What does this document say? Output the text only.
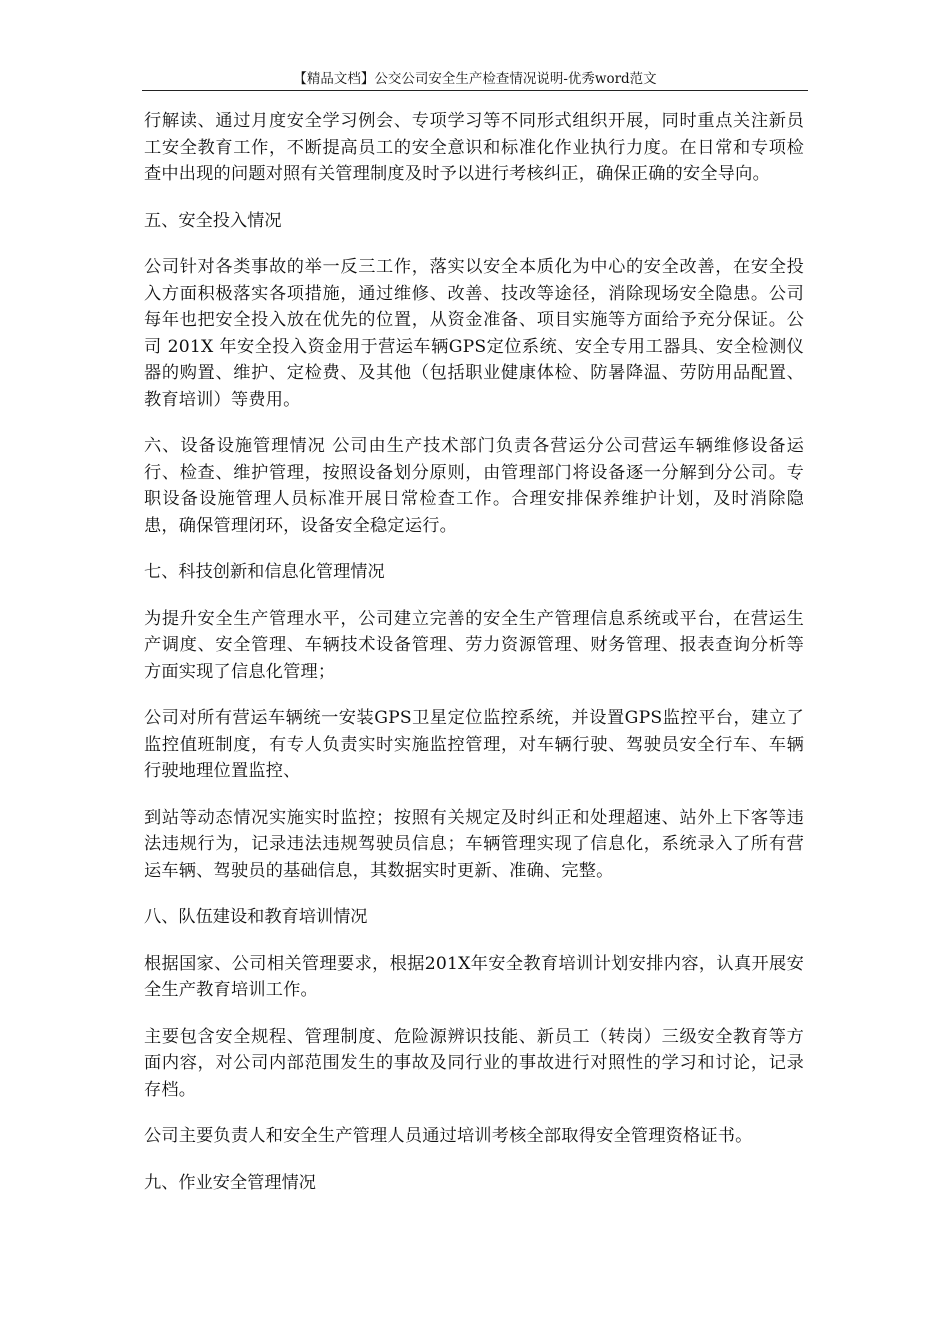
【精品文档】公交公司安全生产检查情况说明-优秀word范文

行解读、通过月度安全学习例会、专项学习等不同形式组织开展，同时重点关注新员工安全教育工作，不断提高员工的安全意识和标准化作业执行力度。在日常和专项检查中出现的问题对照有关管理制度及时予以进行考核纠正，确保正确的安全导向。

五、安全投入情况

公司针对各类事故的举一反三工作，落实以安全本质化为中心的安全改善，在安全投入方面积极落实各项措施，通过维修、改善、技改等途径，消除现场安全隐患。公司每年也把安全投入放在优先的位置，从资金准备、项目实施等方面给予充分保证。公司 201X 年安全投入资金用于营运车辆GPS定位系统、安全专用工器具、安全检测仪器的购置、维护、定检费、及其他（包括职业健康体检、防暑降温、劳防用品配置、教育培训）等费用。

六、设备设施管理情况 公司由生产技术部门负责各营运分公司营运车辆维修设备运行、检查、维护管理，按照设备划分原则，由管理部门将设备逐一分解到分公司。专职设备设施管理人员标准开展日常检查工作。合理安排保养维护计划，及时消除隐患，确保管理闭环，设备安全稳定运行。

七、科技创新和信息化管理情况

为提升安全生产管理水平，公司建立完善的安全生产管理信息系统或平台，在营运生产调度、安全管理、车辆技术设备管理、劳力资源管理、财务管理、报表查询分析等方面实现了信息化管理；

公司对所有营运车辆统一安装GPS卫星定位监控系统，并设置GPS监控平台，建立了监控值班制度，有专人负责实时实施监控管理，对车辆行驶、驾驶员安全行车、车辆行驶地理位置监控、

到站等动态情况实施实时监控；按照有关规定及时纠正和处理超速、站外上下客等违法违规行为，记录违法违规驾驶员信息；车辆管理实现了信息化，系统录入了所有营运车辆、驾驶员的基础信息，其数据实时更新、准确、完整。

八、队伍建设和教育培训情况

根据国家、公司相关管理要求，根据201X年安全教育培训计划安排内容，认真开展安全生产教育培训工作。

主要包含安全规程、管理制度、危险源辨识技能、新员工（转岗）三级安全教育等方面内容，对公司内部范围发生的事故及同行业的事故进行对照性的学习和讨论，记录存档。

公司主要负责人和安全生产管理人员通过培训考核全部取得安全管理资格证书。

九、作业安全管理情况
